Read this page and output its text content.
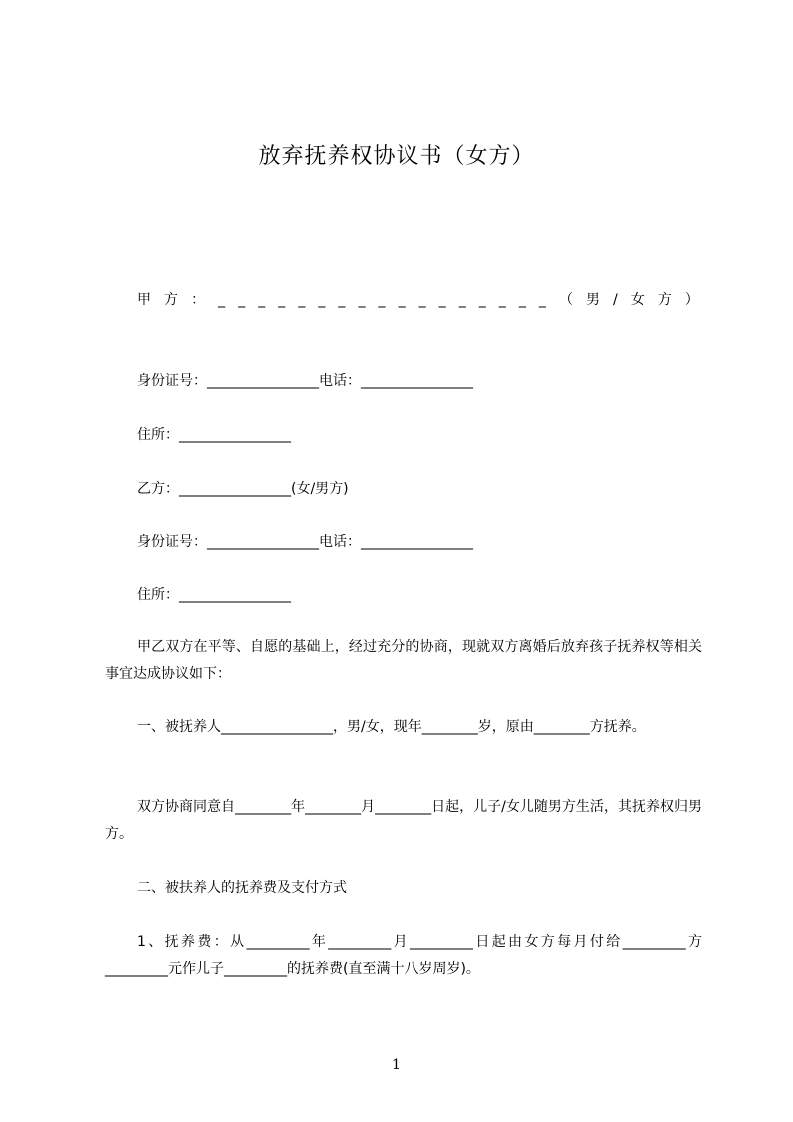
放弃抚养权协议书（女方）
甲 方 ： _ _ _ _ _ _ _ _ _ _ _ _ _ _ _ _ _ （ 男 / 女 方 ）
身份证号：________________电话：________________
住所：________________
乙方：________________(女/男方)
身份证号：________________电话：________________
住所：________________
甲乙双方在平等、自愿的基础上，经过充分的协商，现就双方离婚后放弃孩子抚养权等相关事宜达成协议如下：
一、被抚养人________________，男/女，现年________岁，原由________方抚养。
双方协商同意自________年________月________日起，儿子/女儿随男方生活，其抚养权归男方。
二、被扶养人的抚养费及支付方式
1、抚养费：从_________年_________月_________日起由女方每月付给_________方_________元作儿子_________的抚养费(直至满十八岁周岁)。
1
